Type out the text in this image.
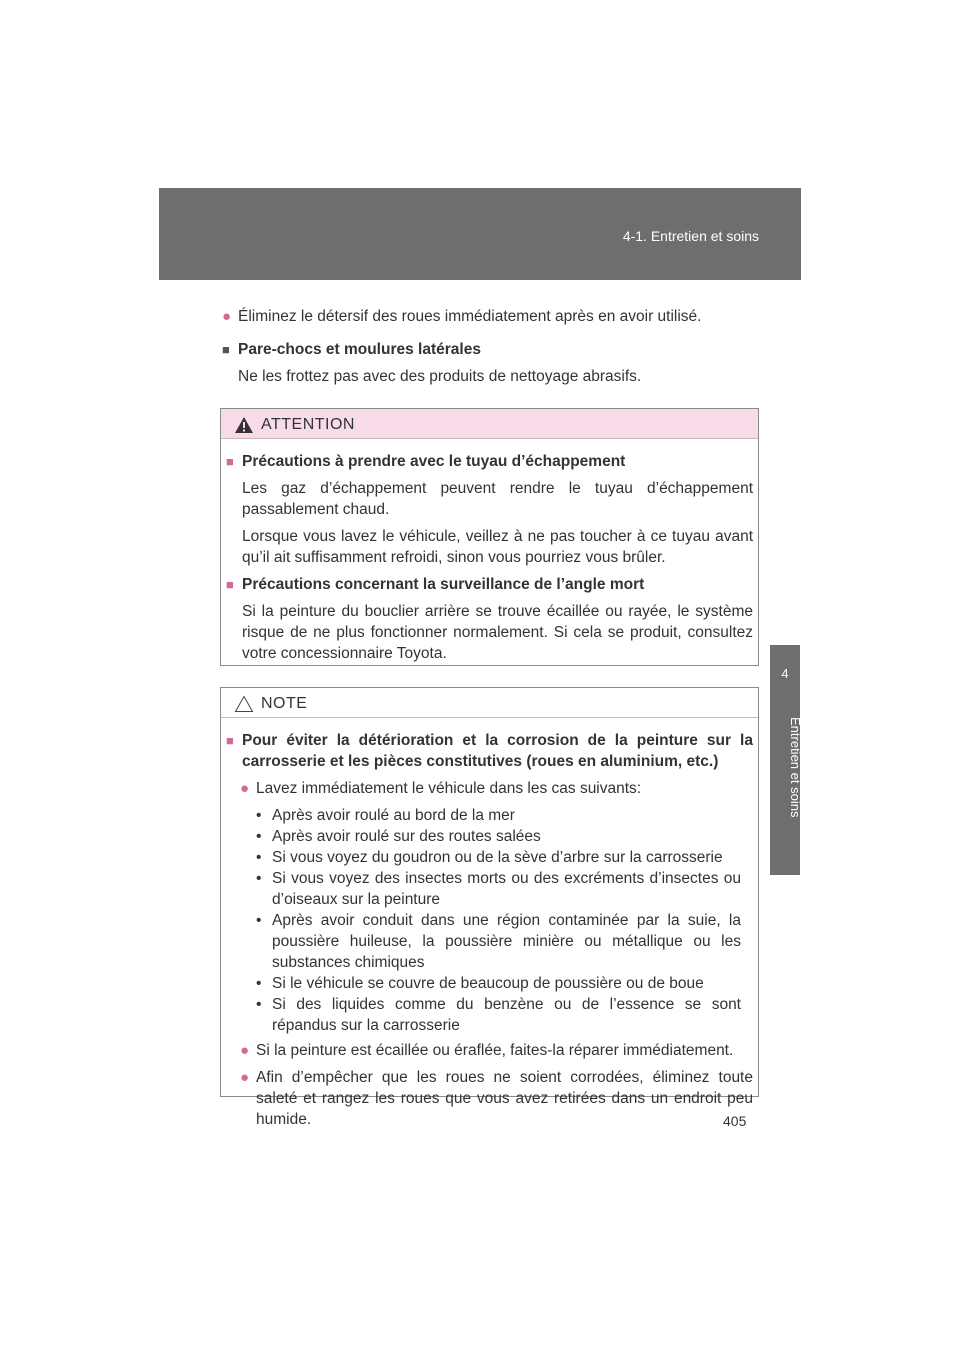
4-1. Entretien et soins
4
Entretien et soins
● Éliminez le détersif des roues immédiatement après en avoir utilisé.
■ Pare-chocs et moulures latérales
Ne les frottez pas avec des produits de nettoyage abrasifs.
ATTENTION
■ Précautions à prendre avec le tuyau d’échappement
Les gaz d’échappement peuvent rendre le tuyau d’échappement passablement chaud.
Lorsque vous lavez le véhicule, veillez à ne pas toucher à ce tuyau avant qu’il ait suffisamment refroidi, sinon vous pourriez vous brûler.
■ Précautions concernant la surveillance de l’angle mort
Si la peinture du bouclier arrière se trouve écaillée ou rayée, le système risque de ne plus fonctionner normalement. Si cela se produit, consultez votre concessionnaire Toyota.
NOTE
■ Pour éviter la détérioration et la corrosion de la peinture sur la carrosserie et les pièces constitutives (roues en aluminium, etc.)
● Lavez immédiatement le véhicule dans les cas suivants:
• Après avoir roulé au bord de la mer
• Après avoir roulé sur des routes salées
• Si vous voyez du goudron ou de la sève d’arbre sur la carrosserie
• Si vous voyez des insectes morts ou des excréments d’insectes ou d’oiseaux sur la peinture
• Après avoir conduit dans une région contaminée par la suie, la poussière huileuse, la poussière minière ou métallique ou les substances chimiques
• Si le véhicule se couvre de beaucoup de poussière ou de boue
• Si des liquides comme du benzène ou de l’essence se sont répandus sur la carrosserie
● Si la peinture est écaillée ou éraflée, faites-la réparer immédiatement.
● Afin d’empêcher que les roues ne soient corrodées, éliminez toute saleté et rangez les roues que vous avez retirées dans un endroit peu humide.	405
